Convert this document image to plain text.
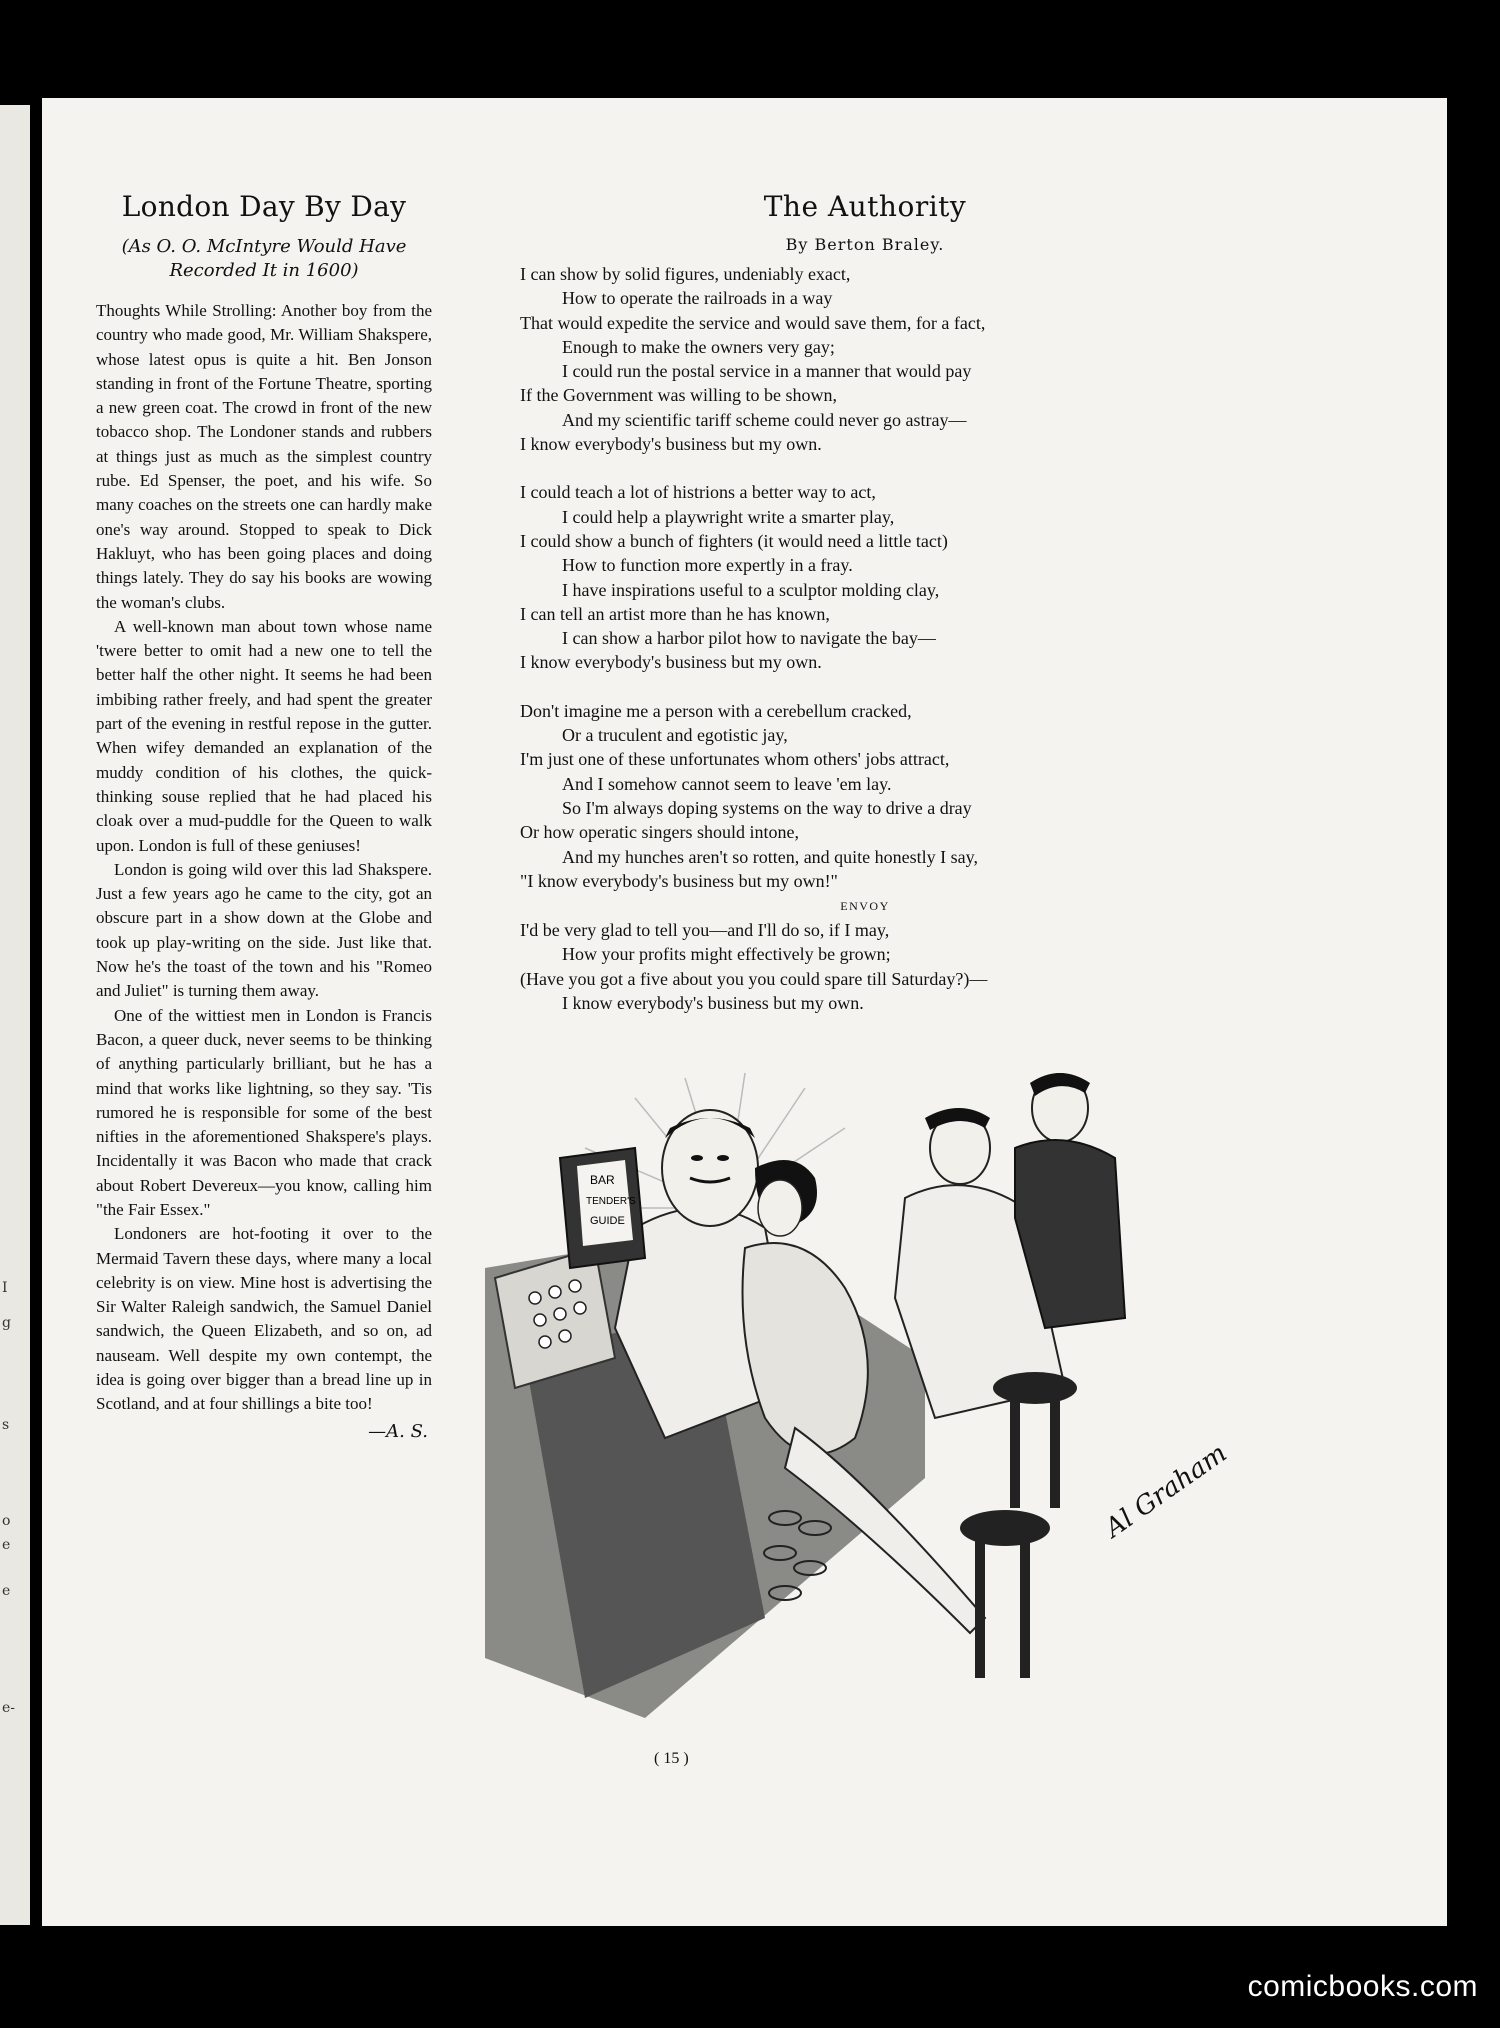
I
g
s
o
e
e
e-
London Day By Day
(As O. O. McIntyre Would Have
Recorded It in 1600)

Thoughts While Strolling: Another boy from the country who made good, Mr. William Shakspere, whose latest opus is quite a hit. Ben Jonson standing in front of the Fortune Theatre, sporting a new green coat. The crowd in front of the new tobacco shop. The Londoner stands and rubbers at things just as much as the simplest country rube. Ed Spenser, the poet, and his wife. So many coaches on the streets one can hardly make one's way around. Stopped to speak to Dick Hakluyt, who has been going places and doing things lately. They do say his books are wowing the woman's clubs.

A well-known man about town whose name 'twere better to omit had a new one to tell the better half the other night. It seems he had been imbibing rather freely, and had spent the greater part of the evening in restful repose in the gutter. When wifey demanded an explanation of the muddy condition of his clothes, the quick-thinking souse replied that he had placed his cloak over a mud-puddle for the Queen to walk upon. London is full of these geniuses!

London is going wild over this lad Shakspere. Just a few years ago he came to the city, got an obscure part in a show down at the Globe and took up play-writing on the side. Just like that. Now he's the toast of the town and his "Romeo and Juliet" is turning them away.

One of the wittiest men in London is Francis Bacon, a queer duck, never seems to be thinking of anything particularly brilliant, but he has a mind that works like lightning, so they say. 'Tis rumored he is responsible for some of the best nifties in the aforementioned Shakspere's plays. Incidentally it was Bacon who made that crack about Robert Devereux—you know, calling him "the Fair Essex."

Londoners are hot-footing it over to the Mermaid Tavern these days, where many a local celebrity is on view. Mine host is advertising the Sir Walter Raleigh sandwich, the Samuel Daniel sandwich, the Queen Elizabeth, and so on, ad nauseam. Well despite my own contempt, the idea is going over bigger than a bread line up in Scotland, and at four shillings a bite too!

—A. S.
The Authority
By Berton Braley.
I can show by solid figures, undeniably exact,
How to operate the railroads in a way
That would expedite the service and would save them, for a fact,
Enough to make the owners very gay;
I could run the postal service in a manner that would pay
If the Government was willing to be shown,
And my scientific tariff scheme could never go astray—
I know everybody's business but my own.
I could teach a lot of histrions a better way to act,
I could help a playwright write a smarter play,
I could show a bunch of fighters (it would need a little tact)
How to function more expertly in a fray.
I have inspirations useful to a sculptor molding clay,
I can tell an artist more than he has known,
I can show a harbor pilot how to navigate the bay—
I know everybody's business but my own.
Don't imagine me a person with a cerebellum cracked,
Or a truculent and egotistic jay,
I'm just one of these unfortunates whom others' jobs attract,
And I somehow cannot seem to leave 'em lay.
So I'm always doping systems on the way to drive a dray
Or how operatic singers should intone,
And my hunches aren't so rotten, and quite honestly I say,
"I know everybody's business but my own!"
ENVOY
I'd be very glad to tell you—and I'll do so, if I may,
How your profits might effectively be grown;
(Have you got a five about you you could spare till Saturday?)—
I know everybody's business but my own.
BAR
TENDER'S
GUIDE
Al Graham
( 15 )
comicbooks.com
